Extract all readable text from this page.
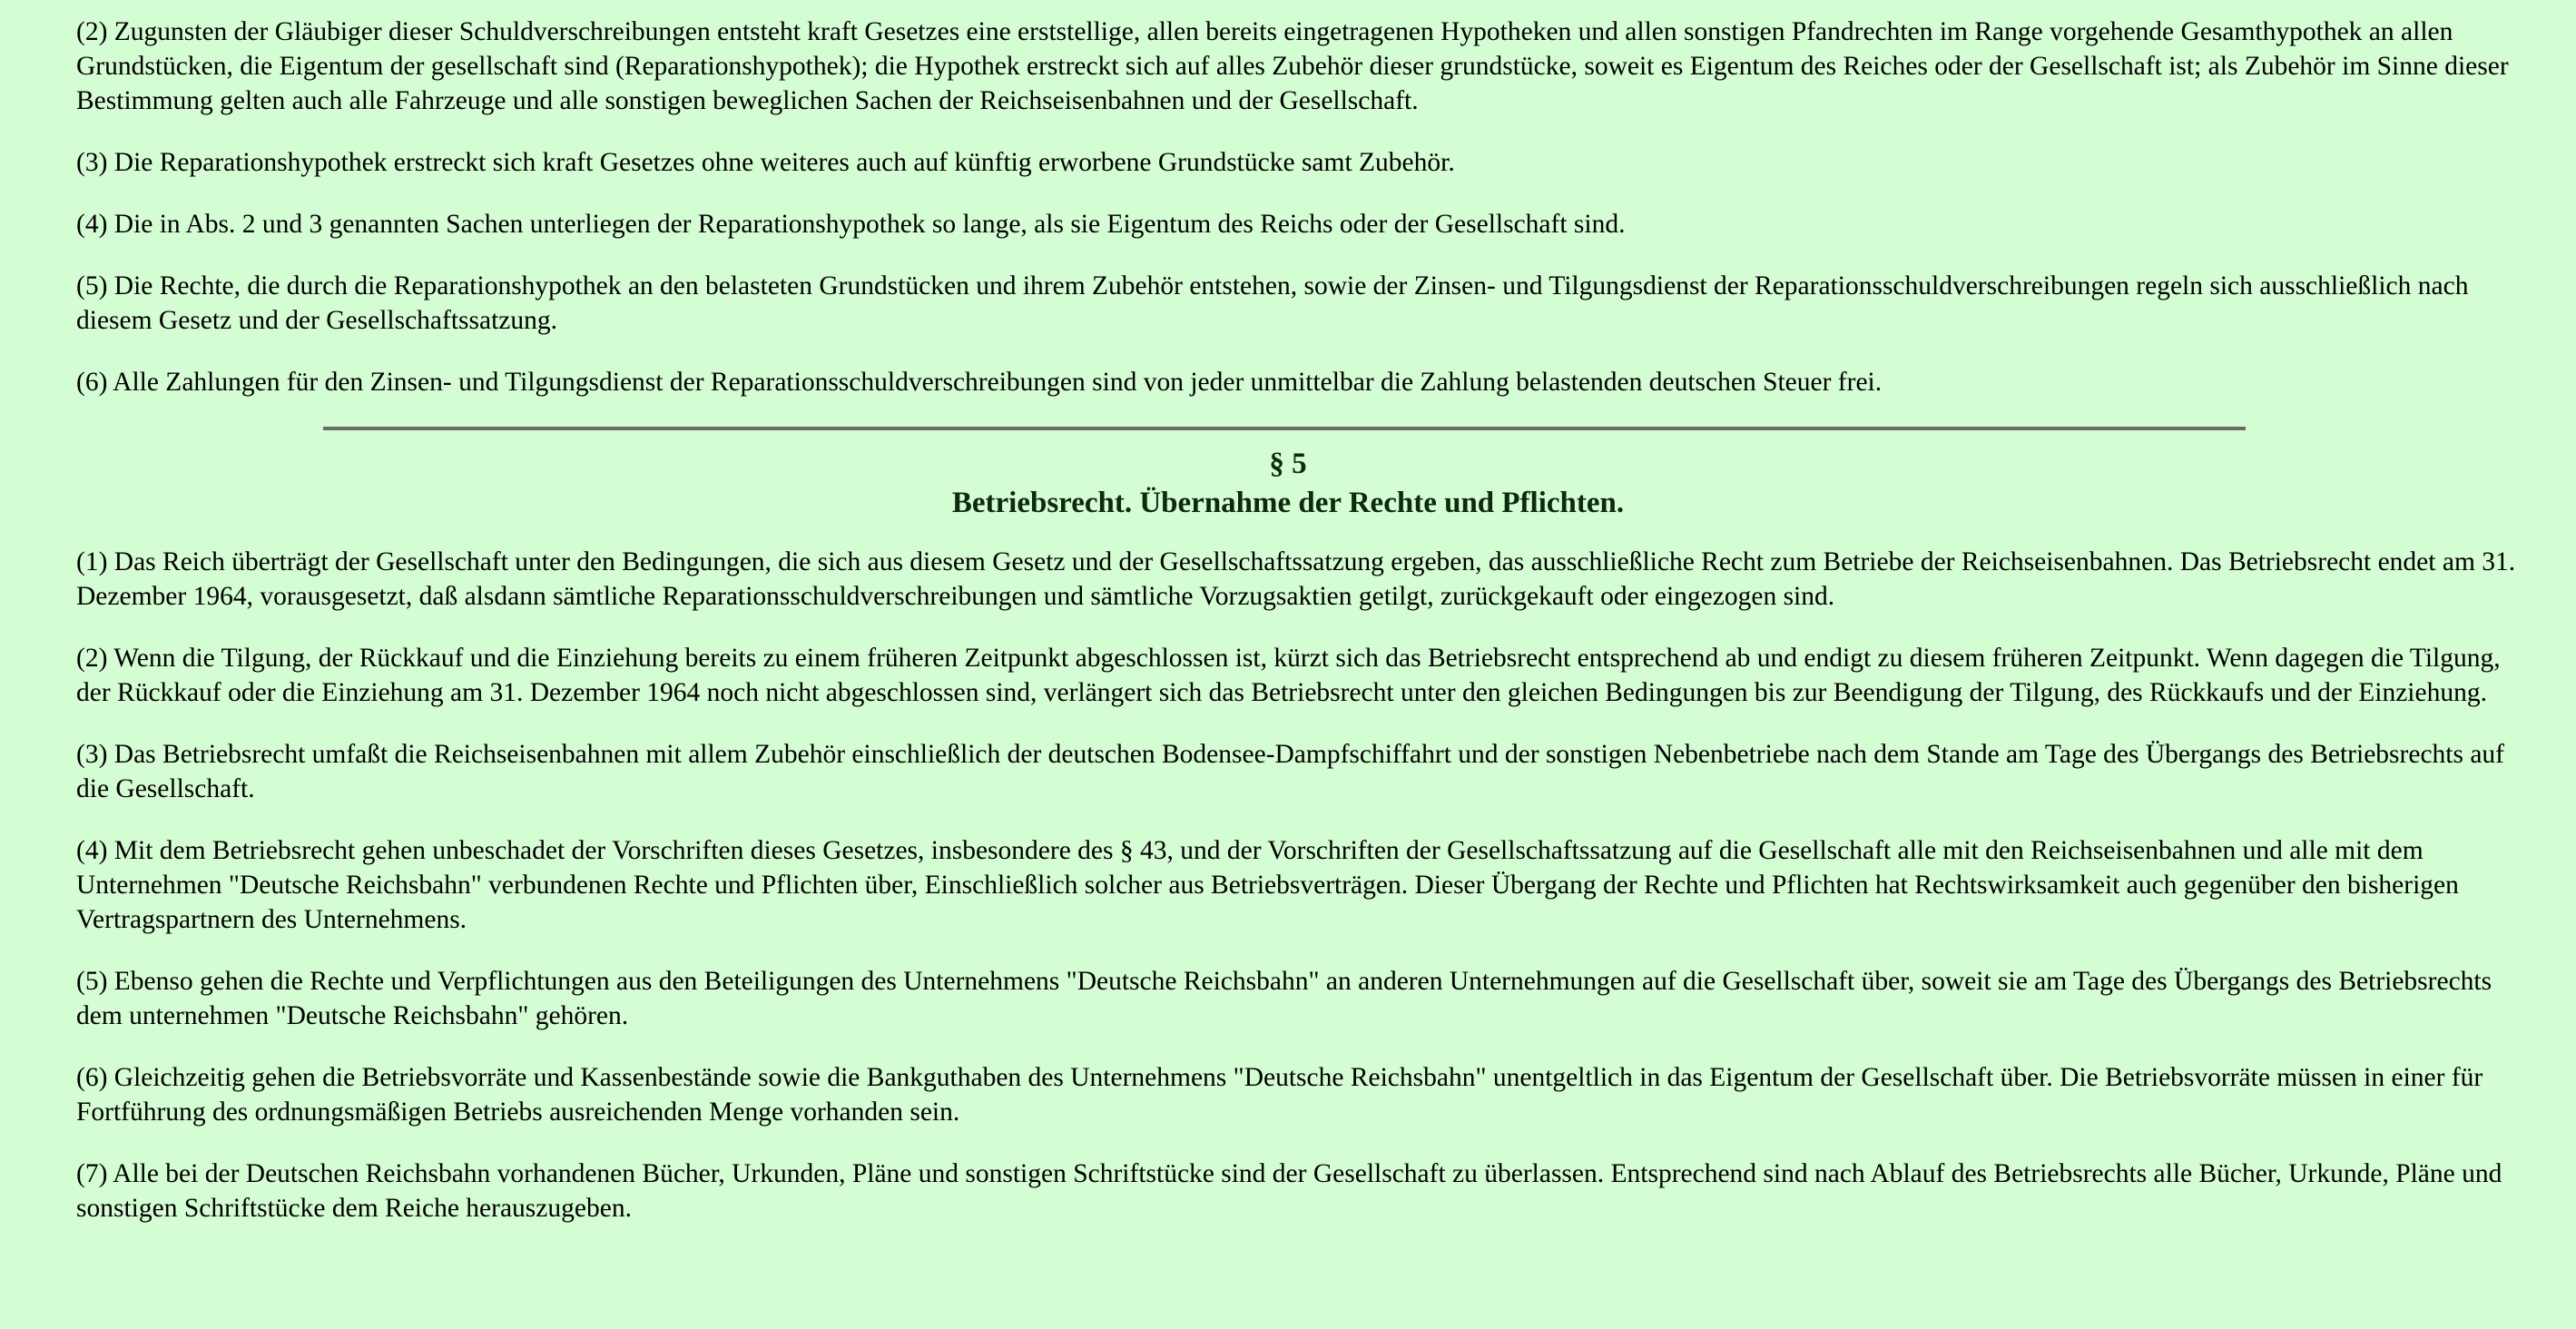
(2) Zugunsten der Gläubiger dieser Schuldverschreibungen entsteht kraft Gesetzes eine erststellige, allen bereits eingetragenen Hypotheken und allen sonstigen Pfandrechten im Range vorgehende Gesamthypothek an allen Grundstücken, die Eigentum der gesellschaft sind (Reparationshypothek); die Hypothek erstreckt sich auf alles Zubehör dieser grundstücke, soweit es Eigentum des Reiches oder der Gesellschaft ist; als Zubehör im Sinne dieser Bestimmung gelten auch alle Fahrzeuge und alle sonstigen beweglichen Sachen der Reichseisenbahnen und der Gesellschaft.

(3) Die Reparationshypothek erstreckt sich kraft Gesetzes ohne weiteres auch auf künftig erworbene Grundstücke samt Zubehör.

(4) Die in Abs. 2 und 3 genannten Sachen unterliegen der Reparationshypothek so lange, als sie Eigentum des Reichs oder der Gesellschaft sind.

(5) Die Rechte, die durch die Reparationshypothek an den belasteten Grundstücken und ihrem Zubehör entstehen, sowie der Zinsen- und Tilgungsdienst der Reparationsschuldverschreibungen regeln sich ausschließlich nach diesem Gesetz und der Gesellschaftssatzung.

(6) Alle Zahlungen für den Zinsen- und Tilgungsdienst der Reparationsschuldverschreibungen sind von jeder unmittelbar die Zahlung belastenden deutschen Steuer frei.

§ 5
Betriebsrecht. Übernahme der Rechte und Pflichten.

(1) Das Reich überträgt der Gesellschaft unter den Bedingungen, die sich aus diesem Gesetz und der Gesellschaftssatzung ergeben, das ausschließliche Recht zum Betriebe der Reichseisenbahnen. Das Betriebsrecht endet am 31. Dezember 1964, vorausgesetzt, daß alsdann sämtliche Reparationsschuldverschreibungen und sämtliche Vorzugsaktien getilgt, zurückgekauft oder eingezogen sind.

(2) Wenn die Tilgung, der Rückkauf und die Einziehung bereits zu einem früheren Zeitpunkt abgeschlossen ist, kürzt sich das Betriebsrecht entsprechend ab und endigt zu diesem früheren Zeitpunkt. Wenn dagegen die Tilgung, der Rückkauf oder die Einziehung am 31. Dezember 1964 noch nicht abgeschlossen sind, verlängert sich das Betriebsrecht unter den gleichen Bedingungen bis zur Beendigung der Tilgung, des Rückkaufs und der Einziehung.

(3) Das Betriebsrecht umfaßt die Reichseisenbahnen mit allem Zubehör einschließlich der deutschen Bodensee-Dampfschiffahrt und der sonstigen Nebenbetriebe nach dem Stande am Tage des Übergangs des Betriebsrechts auf die Gesellschaft.

(4) Mit dem Betriebsrecht gehen unbeschadet der Vorschriften dieses Gesetzes, insbesondere des § 43, und der Vorschriften der Gesellschaftssatzung auf die Gesellschaft alle mit den Reichseisenbahnen und alle mit dem Unternehmen "Deutsche Reichsbahn" verbundenen Rechte und Pflichten über, Einschließlich solcher aus Betriebsverträgen. Dieser Übergang der Rechte und Pflichten hat Rechtswirksamkeit auch gegenüber den bisherigen Vertragspartnern des Unternehmens.

(5) Ebenso gehen die Rechte und Verpflichtungen aus den Beteiligungen des Unternehmens "Deutsche Reichsbahn" an anderen Unternehmungen auf die Gesellschaft über, soweit sie am Tage des Übergangs des Betriebsrechts dem unternehmen "Deutsche Reichsbahn" gehören.

(6) Gleichzeitig gehen die Betriebsvorräte und Kassenbestände sowie die Bankguthaben des Unternehmens "Deutsche Reichsbahn" unentgeltlich in das Eigentum der Gesellschaft über. Die Betriebsvorräte müssen in einer für Fortführung des ordnungsmäßigen Betriebs ausreichenden Menge vorhanden sein.

(7) Alle bei der Deutschen Reichsbahn vorhandenen Bücher, Urkunden, Pläne und sonstigen Schriftstücke sind der Gesellschaft zu überlassen. Entsprechend sind nach Ablauf des Betriebsrechts alle Bücher, Urkunde, Pläne und sonstigen Schriftstücke dem Reiche herauszugeben.
